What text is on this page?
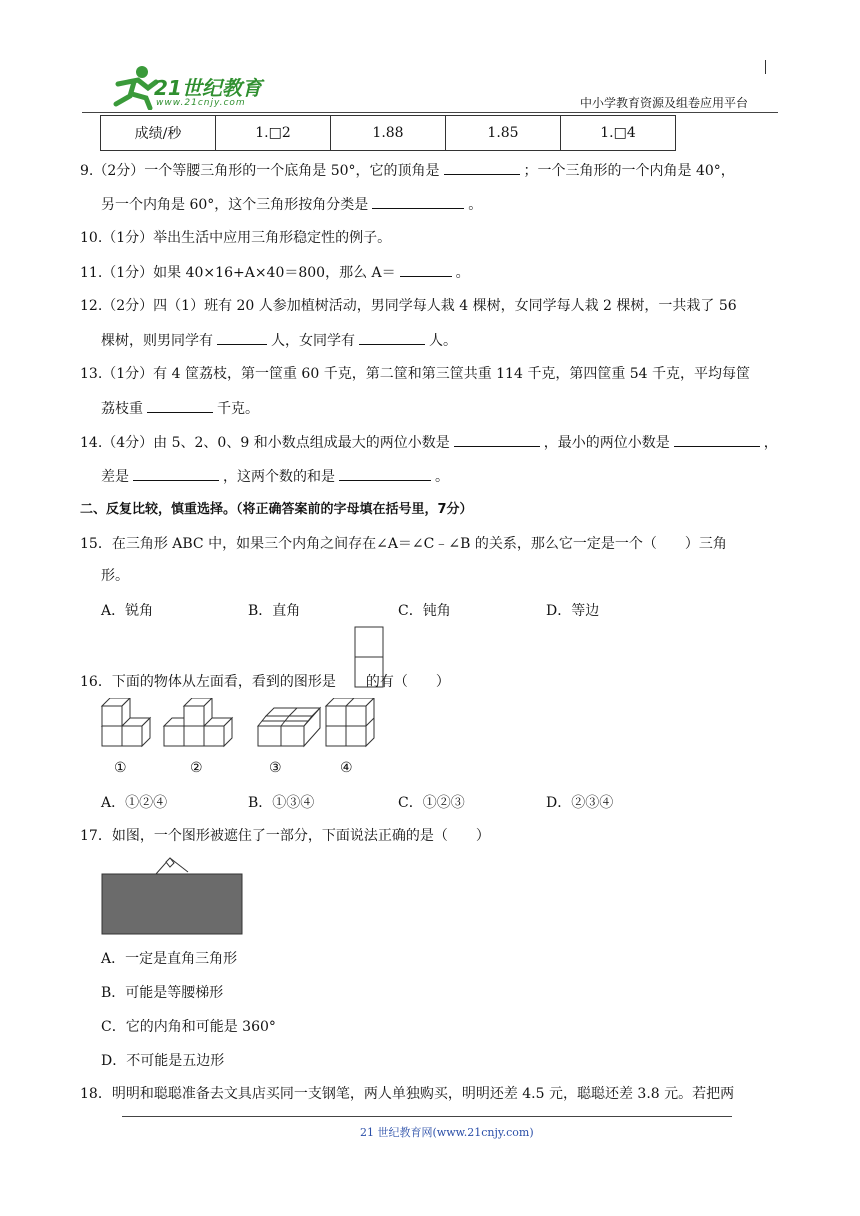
21世纪教育
www.21cnjy.com	中小学教育资源及组卷应用平台
成绩/秒	1.□2	1.88	1.85	1.□4
9.（2分）一个等腰三角形的一个底角是 50°，它的顶角是	；一个三角形的一个内角是 40°，
另一个内角是 60°，这个三角形按角分类是	。
10.（1分）举出生活中应用三角形稳定性的例子。
11.（1分）如果 40×16+A×40＝800，那么 A＝	。
12.（2分）四（1）班有 20 人参加植树活动，男同学每人栽 4 棵树，女同学每人栽 2 棵树，一共栽了 56
棵树，则男同学有	人，女同学有	人。
13.（1分）有 4 筐荔枝，第一筐重 60 千克，第二筐和第三筐共重 114 千克，第四筐重 54 千克，平均每筐
荔枝重	千克。
14.（4分）由 5、2、0、9 和小数点组成最大的两位小数是	，最小的两位小数是	，
差是	，这两个数的和是	。
二、反复比较，慎重选择。（将正确答案前的字母填在括号里，7分）
15．在三角形 ABC 中，如果三个内角之间存在∠A＝∠C﹣∠B 的关系，那么它一定是一个（　　）三角
形。
A．锐角	B．直角	C．钝角	D．等边
16．下面的物体从左面看，看到的图形是 的有（　　）
①	②	③	④
A．①②④	B．①③④	C．①②③	D．②③④
17．如图，一个图形被遮住了一部分，下面说法正确的是（　　）
A．一定是直角三角形
B．可能是等腰梯形
C．它的内角和可能是 360°
D．不可能是五边形
18．明明和聪聪准备去文具店买同一支钢笔，两人单独购买，明明还差 4.5 元，聪聪还差 3.8 元。若把两
21 世纪教育网(www.21cnjy.com)
